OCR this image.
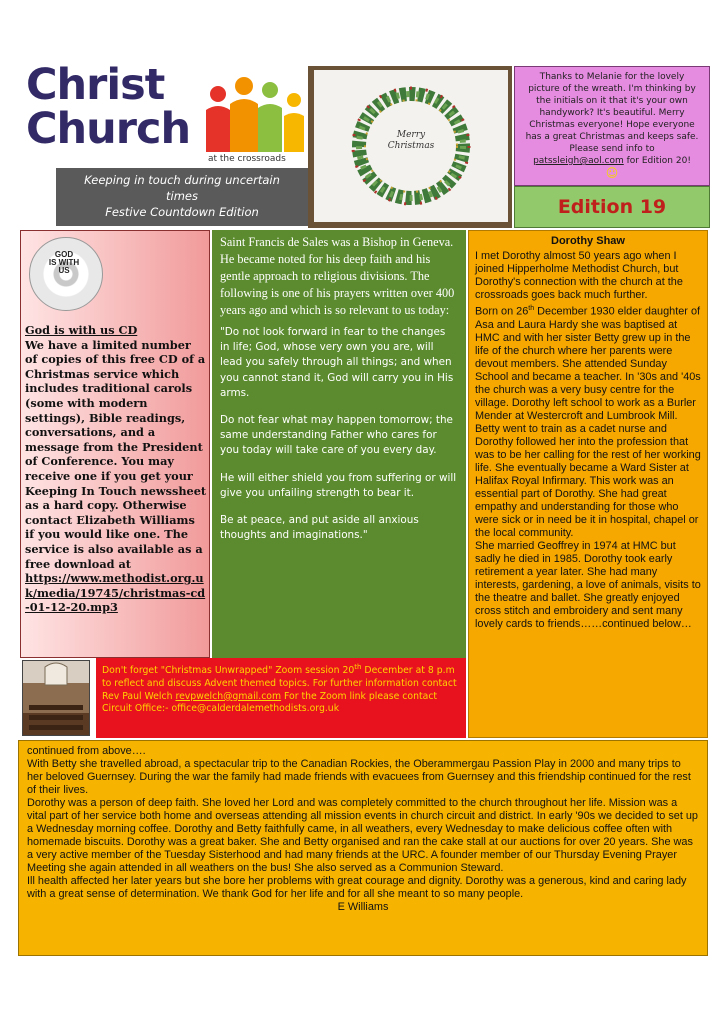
Christ
Church
at the crossroads
Keeping in touch during uncertain
times
Festive Countdown Edition
Merry
Christmas
Thanks to Melanie for the lovely picture of the wreath. I'm thinking by the initials on it that it's your own handywork? It's beautiful. Merry Christmas everyone! Hope everyone has a great Christmas and keeps safe. Please send info to patssleigh@aol.com for Edition 20!
☺
Edition 19
GOD
IS WITH
US
God is with us CD
We have a limited number of copies of this free CD of a Christmas service which includes traditional carols (some with modern settings), Bible readings, conversations, and a message from the President of Conference. You may receive one if you get your Keeping In Touch newssheet as a hard copy. Otherwise contact Elizabeth Williams if you would like one. The service is also available as a free download at
https://www.methodist.org.uk/media/19745/christmas-cd-01-12-20.mp3

Saint Francis de Sales was a Bishop in Geneva. He became noted for his deep faith and his gentle approach to religious divisions. The following is one of his prayers written over 400 years ago and which is so relevant to us today:

"Do not look forward in fear to the changes in life; God, whose very own you are, will lead you safely through all things; and when you cannot stand it, God will carry you in His arms.

Do not fear what may happen tomorrow; the same understanding Father who cares for you today will take care of you every day.

He will either shield you from suffering or will give you unfailing strength to bear it.

Be at peace, and put aside all anxious thoughts and imaginations."

Dorothy Shaw

I met Dorothy almost 50 years ago when I joined Hipperholme Methodist Church, but Dorothy's connection with the church at the crossroads goes back much further.

Born on 26th December 1930 elder daughter of Asa and Laura Hardy she was baptised at HMC and with her sister Betty grew up in the life of the church where her parents were devout members. She attended Sunday School and became a teacher. In '30s and '40s the church was a very busy centre for the village. Dorothy left school to work as a Burler Mender at Westercroft and Lumbrook Mill.

Betty went to train as a cadet nurse and Dorothy followed her into the profession that was to be her calling for the rest of her working life. She eventually became a Ward Sister at Halifax Royal Infirmary. This work was an essential part of Dorothy. She had great empathy and understanding for those who were sick or in need be it in hospital, chapel or the local community.

She married Geoffrey in 1974 at HMC but sadly he died in 1985. Dorothy took early retirement a year later. She had many interests, gardening, a love of animals, visits to the theatre and ballet. She greatly enjoyed cross stitch and embroidery and sent many lovely cards to friends……continued below…

Don't forget "Christmas Unwrapped" Zoom session 20th December at 8 p.m to reflect and discuss Advent themed topics. For further information contact Rev Paul Welch revpwelch@gmail.com For the Zoom link please contact Circuit Office:- office@calderdalemethodists.org.uk

continued from above….

With Betty she travelled abroad, a spectacular trip to the Canadian Rockies, the Oberammergau Passion Play in 2000 and many trips to her beloved Guernsey. During the war the family had made friends with evacuees from Guernsey and this friendship continued for the rest of their lives.

Dorothy was a person of deep faith. She loved her Lord and was completely committed to the church throughout her life. Mission was a vital part of her service both home and overseas attending all mission events in church circuit and district. In early '90s we decided to set up a Wednesday morning coffee. Dorothy and Betty faithfully came, in all weathers, every Wednesday to make delicious coffee often with homemade biscuits. Dorothy was a great baker. She and Betty organised and ran the cake stall at our auctions for over 20 years. She was a very active member of the Tuesday Sisterhood and had many friends at the URC. A founder member of our Thursday Evening Prayer Meeting she again attended in all weathers on the bus! She also served as a Communion Steward.

Ill health affected her later years but she bore her problems with great courage and dignity. Dorothy was a generous, kind and caring lady with a great sense of determination. We thank God for her life and for all she meant to so many people.

E Williams
